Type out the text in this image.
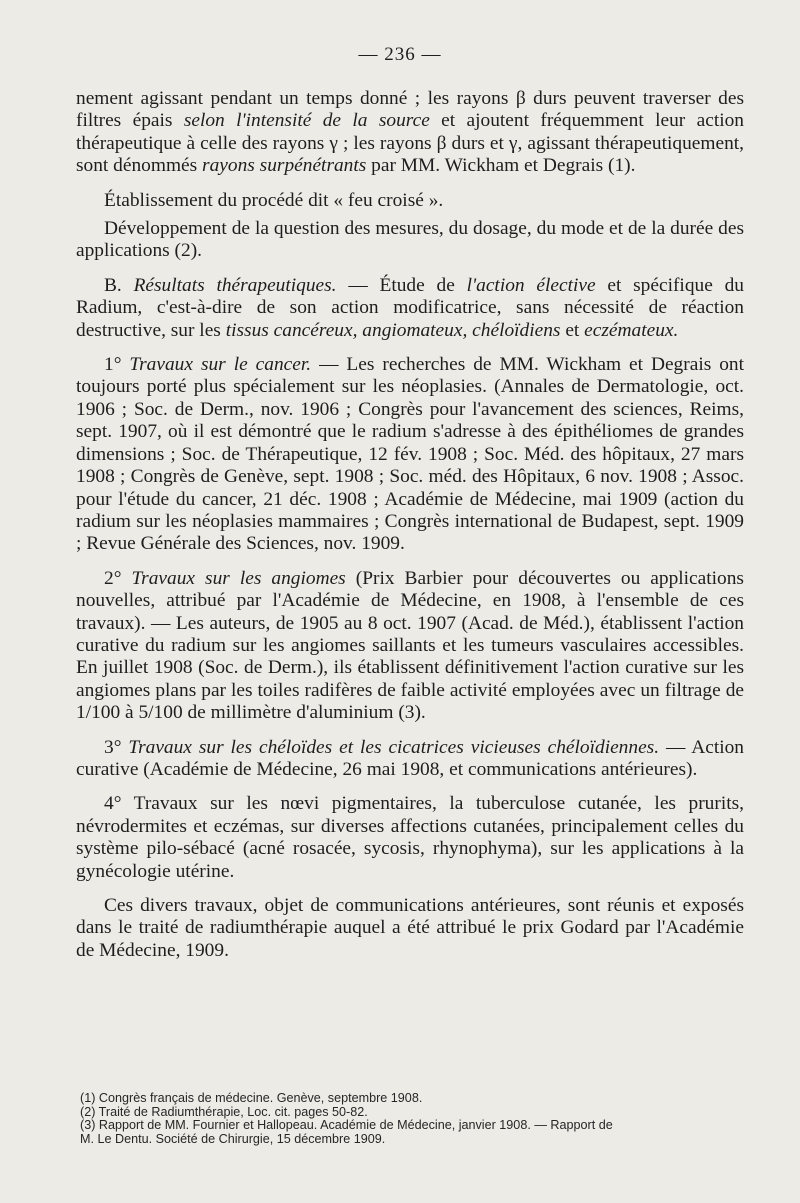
— 236 —

nement agissant pendant un temps donné ; les rayons β durs peuvent traverser des filtres épais selon l'intensité de la source et ajoutent fréquemment leur action thérapeutique à celle des rayons γ ; les rayons β durs et γ, agissant thérapeutiquement, sont dénommés rayons surpénétrants par MM. Wickham et Degrais (1).

Établissement du procédé dit « feu croisé ».

Développement de la question des mesures, du dosage, du mode et de la durée des applications (2).

B. Résultats thérapeutiques. — Étude de l'action élective et spécifique du Radium, c'est-à-dire de son action modificatrice, sans nécessité de réaction destructive, sur les tissus cancéreux, angiomateux, chéloïdiens et eczémateux.

1° Travaux sur le cancer. — Les recherches de MM. Wickham et Degrais ont toujours porté plus spécialement sur les néoplasies. (Annales de Dermatologie, oct. 1906 ; Soc. de Derm., nov. 1906 ; Congrès pour l'avancement des sciences, Reims, sept. 1907, où il est démontré que le radium s'adresse à des épithéliomes de grandes dimensions ; Soc. de Thérapeutique, 12 fév. 1908 ; Soc. Méd. des hôpitaux, 27 mars 1908 ; Congrès de Genève, sept. 1908 ; Soc. méd. des Hôpitaux, 6 nov. 1908 ; Assoc. pour l'étude du cancer, 21 déc. 1908 ; Académie de Médecine, mai 1909 (action du radium sur les néoplasies mammaires ; Congrès international de Budapest, sept. 1909 ; Revue Générale des Sciences, nov. 1909.

2° Travaux sur les angiomes (Prix Barbier pour découvertes ou applications nouvelles, attribué par l'Académie de Médecine, en 1908, à l'ensemble de ces travaux). — Les auteurs, de 1905 au 8 oct. 1907 (Acad. de Méd.), établissent l'action curative du radium sur les angiomes saillants et les tumeurs vasculaires accessibles. En juillet 1908 (Soc. de Derm.), ils établissent définitivement l'action curative sur les angiomes plans par les toiles radifères de faible activité employées avec un filtrage de 1/100 à 5/100 de millimètre d'aluminium (3).

3° Travaux sur les chéloïdes et les cicatrices vicieuses chéloïdiennes. — Action curative (Académie de Médecine, 26 mai 1908, et communications antérieures).

4° Travaux sur les nœvi pigmentaires, la tuberculose cutanée, les prurits, névrodermites et eczémas, sur diverses affections cutanées, principalement celles du système pilo-sébacé (acné rosacée, sycosis, rhynophyma), sur les applications à la gynécologie utérine.

Ces divers travaux, objet de communications antérieures, sont réunis et exposés dans le traité de radiumthérapie auquel a été attribué le prix Godard par l'Académie de Médecine, 1909.

(1) Congrès français de médecine. Genève, septembre 1908.
(2) Traité de Radiumthérapie, Loc. cit. pages 50-82.
(3) Rapport de MM. Fournier et Hallopeau. Académie de Médecine, janvier 1908. — Rapport de
M. Le Dentu. Société de Chirurgie, 15 décembre 1909.
